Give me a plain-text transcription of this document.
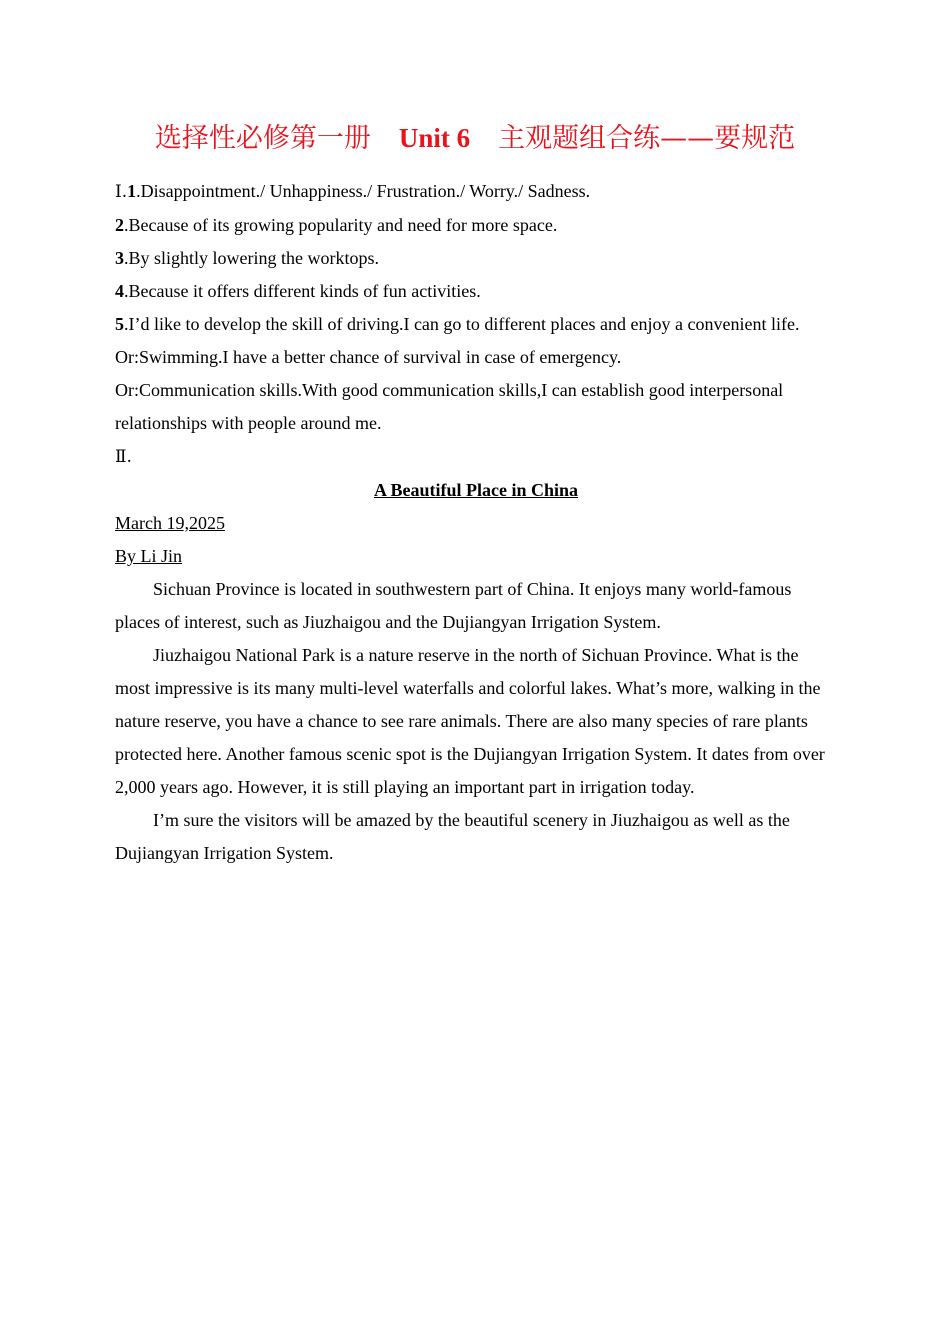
选择性必修第一册 Unit 6 主观题组合练——要规范

Ⅰ.1.Disappointment./ Unhappiness./ Frustration./ Worry./ Sadness.

2.Because of its growing popularity and need for more space.

3.By slightly lowering the worktops.

4.Because it offers different kinds of fun activities.

5.I’d like to develop the skill of driving.I can go to different places and enjoy a convenient life.

Or:Swimming.I have a better chance of survival in case of emergency.

Or:Communication skills.With good communication skills,I can establish good interpersonal relationships with people around me.

Ⅱ.

A Beautiful Place in China

March 19,2025

By Li Jin

Sichuan Province is located in southwestern part of China. It enjoys many world-famous places of interest, such as Jiuzhaigou and the Dujiangyan Irrigation System.

Jiuzhaigou National Park is a nature reserve in the north of Sichuan Province. What is the most impressive is its many multi-level waterfalls and colorful lakes. What’s more, walking in the nature reserve, you have a chance to see rare animals. There are also many species of rare plants protected here. Another famous scenic spot is the Dujiangyan Irrigation System. It dates from over 2,000 years ago. However, it is still playing an important part in irrigation today.

I’m sure the visitors will be amazed by the beautiful scenery in Jiuzhaigou as well as the Dujiangyan Irrigation System.
